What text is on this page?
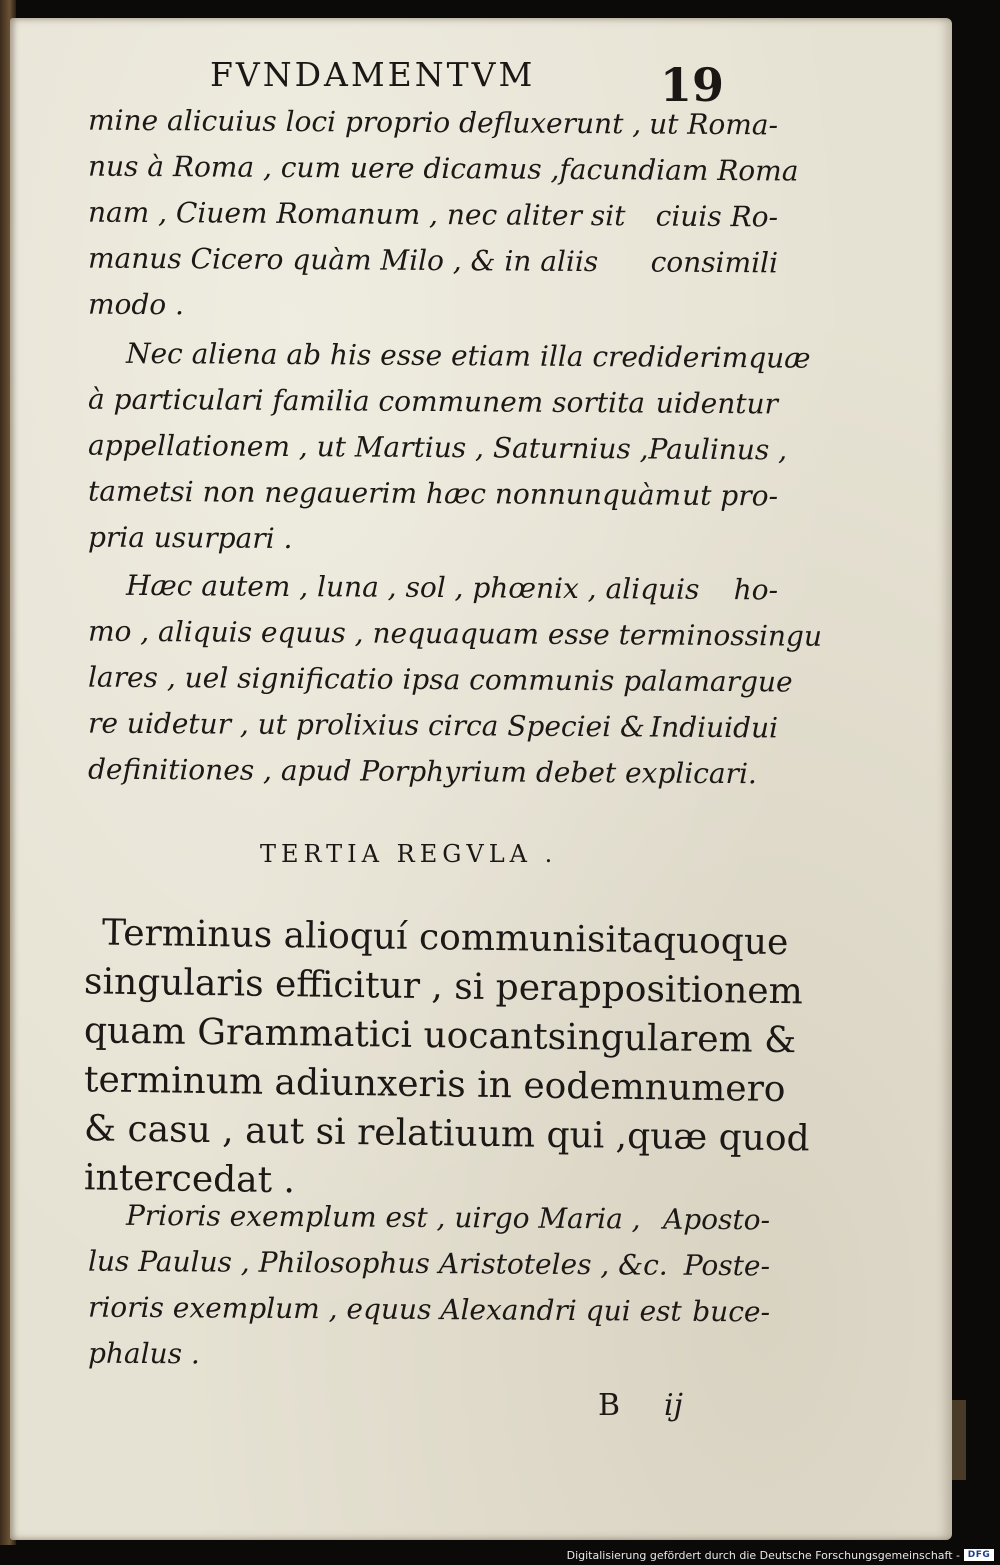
FVNDAMENTVM	19
mine alicuius loci proprio defluxerunt , ut Roma-
nus à Roma , cum uere dicamus , facundiam Roma
nam , Ciuem Romanum , nec aliter sit ciuis Ro-
manus Cicero quàm Milo , & in aliis consimili
modo .
Nec aliena ab his esse etiam illa crediderim quæ
à particulari familia communem sortita uidentur
appellationem , ut Martius , Saturnius , Paulinus ,
tametsi non negauerim hæc nonnunquàm ut pro-
pria usurpari .
Hæc autem , luna , sol , phœnix , aliquis ho-
mo , aliquis equus , nequaquam esse terminos singu
lares , uel significatio ipsa communis palam argue
re uidetur , ut prolixius circa Speciei & Indiuidui
definitiones , apud Porphyrium debet explicari.
TERTIA REGVLA .
Terminus alioquí communis itaquoque
singularis efficitur , si per appositionem
quam Grammatici uocant singularem &
terminum adiunxeris in eodem numero
& casu , aut si relatiuum qui , quæ quod
intercedat .
Prioris exemplum est , uirgo Maria , Aposto-
lus Paulus , Philosophus Aristoteles , &c. Poste-
rioris exemplum , equus Alexandri qui est buce-
phalus .
B ij
Digitalisierung gefördert durch die Deutsche Forschungsgemeinschaft - DFG
